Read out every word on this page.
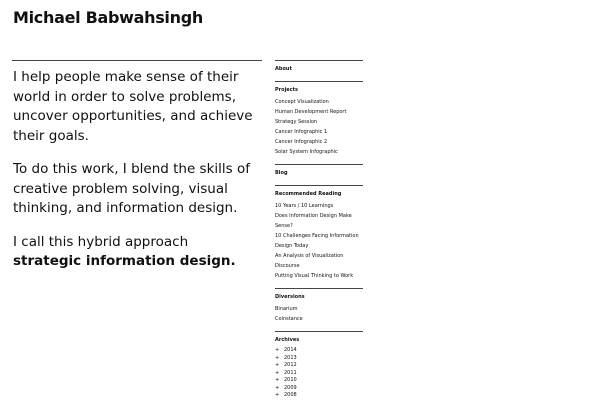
Michael Babwahsingh

I help people make sense of their world in order to solve problems, uncover opportunities, and achieve their goals.

To do this work, I blend the skills of creative problem solving, visual thinking, and information design.

I call this hybrid approach
strategic information design.

About
Projects
Concept Visualization
Human Development Report
Strategy Session
Cancer Infographic 1
Cancer Infographic 2
Solar System Infographic
Blog
Recommended Reading
10 Years / 10 Learnings
Does Information Design Make Sense?
10 Challenges Facing Information Design Today
An Analysis of Visualization Discourse
Putting Visual Thinking to Work
Diversions
Binarium
Coinstance
Archives
+ 2014
+ 2013
+ 2012
+ 2011
+ 2010
+ 2009
+ 2008
